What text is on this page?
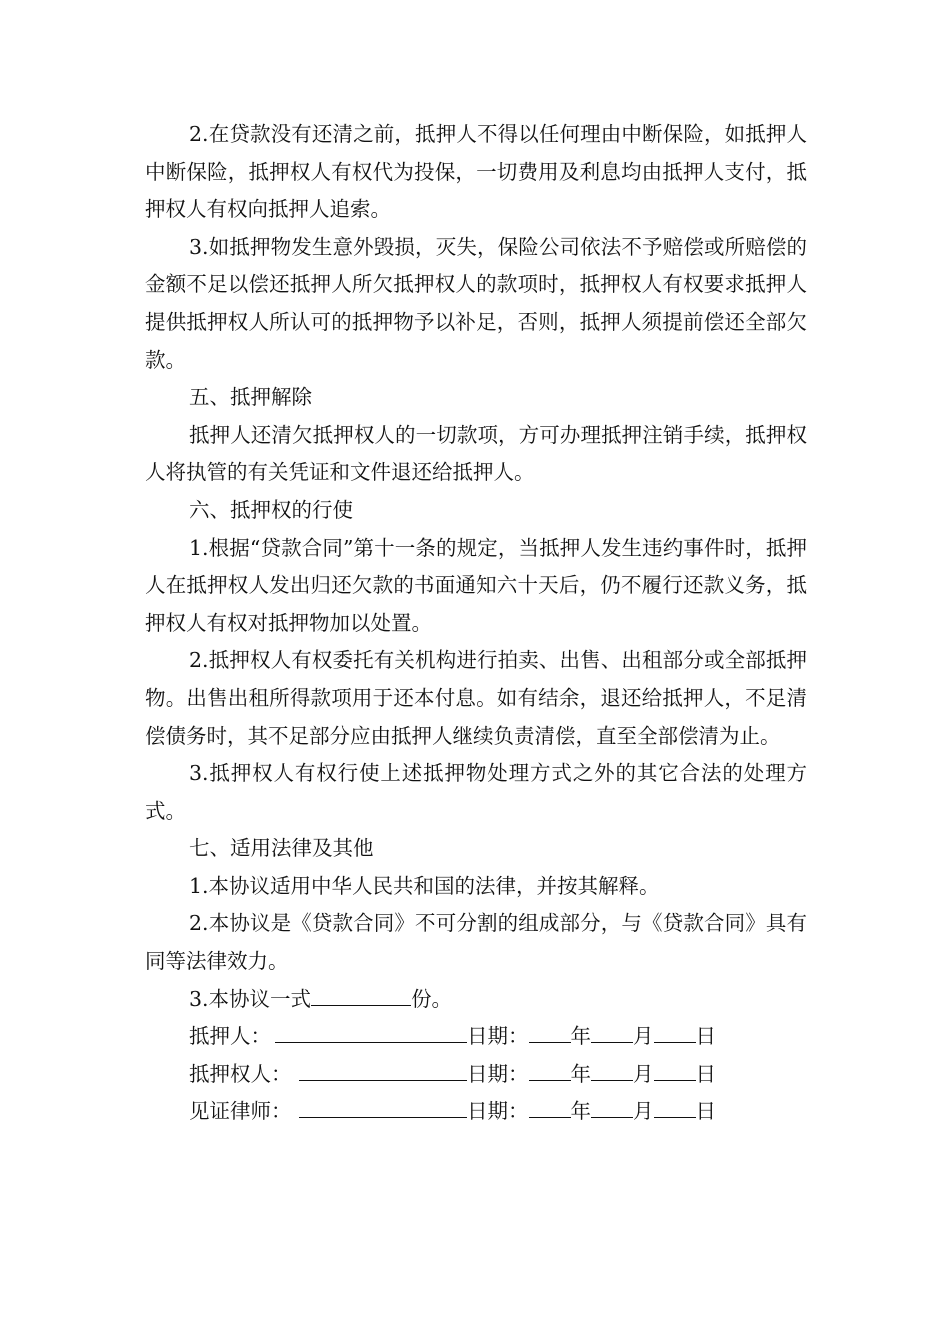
2.在贷款没有还清之前，抵押人不得以任何理由中断保险，如抵押人中断保险，抵押权人有权代为投保，一切费用及利息均由抵押人支付，抵押权人有权向抵押人追索。

3.如抵押物发生意外毁损，灭失，保险公司依法不予赔偿或所赔偿的金额不足以偿还抵押人所欠抵押权人的款项时，抵押权人有权要求抵押人提供抵押权人所认可的抵押物予以补足，否则，抵押人须提前偿还全部欠款。

五、抵押解除

抵押人还清欠抵押权人的一切款项，方可办理抵押注销手续，抵押权人将执管的有关凭证和文件退还给抵押人。

六、抵押权的行使

1.根据“贷款合同”第十一条的规定，当抵押人发生违约事件时，抵押人在抵押权人发出归还欠款的书面通知六十天后，仍不履行还款义务，抵押权人有权对抵押物加以处置。

2.抵押权人有权委托有关机构进行拍卖、出售、出租部分或全部抵押物。出售出租所得款项用于还本付息。如有结余，退还给抵押人，不足清偿债务时，其不足部分应由抵押人继续负责清偿，直至全部偿清为止。

3.抵押权人有权行使上述抵押物处理方式之外的其它合法的处理方式。

七、适用法律及其他

1.本协议适用中华人民共和国的法律，并按其解释。

2.本协议是《贷款合同》不可分割的组成部分，与《贷款合同》具有同等法律效力。

3.本协议一式	份。

抵押人：	日期： 年 月 日

抵押权人：	日期： 年 月 日

见证律师：	日期： 年 月 日
